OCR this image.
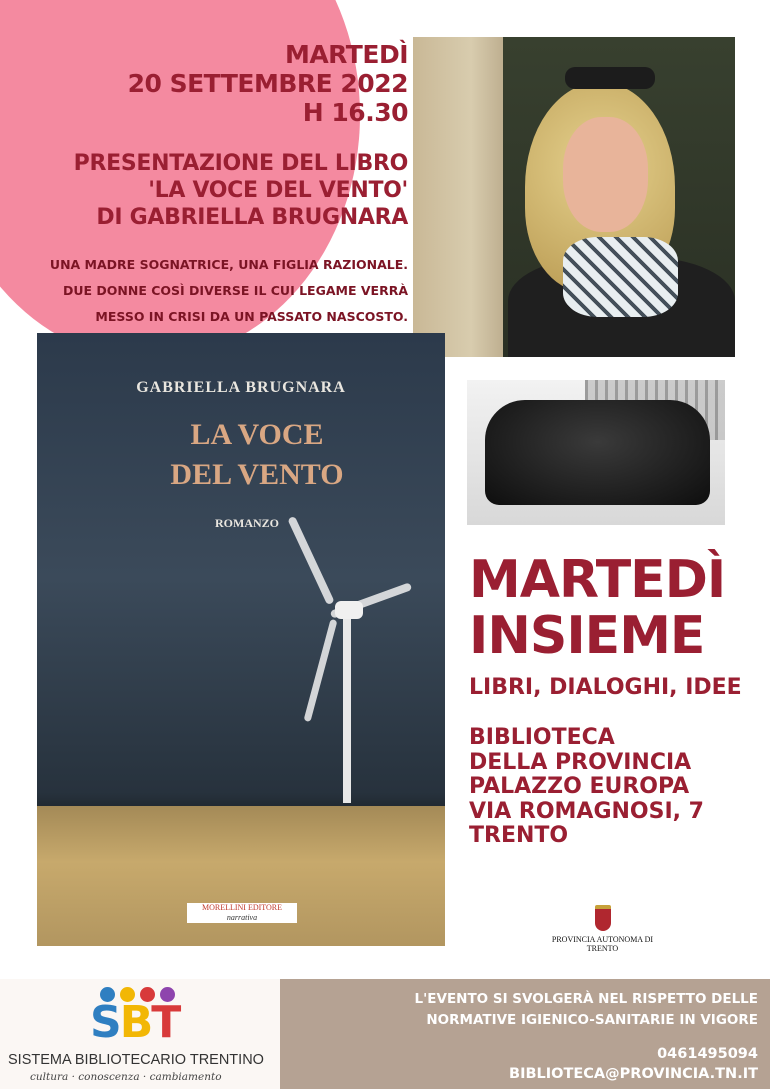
MARTEDÌ
20 SETTEMBRE 2022
H 16.30
PRESENTAZIONE DEL LIBRO
'LA VOCE DEL VENTO'
DI GABRIELLA BRUGNARA
UNA MADRE SOGNATRICE, UNA FIGLIA RAZIONALE.
DUE DONNE COSÌ DIVERSE IL CUI LEGAME VERRÀ
MESSO IN CRISI DA UN PASSATO NASCOSTO.
GABRIELLA BRUGNARA
LA VOCE
DEL VENTO
ROMANZO
MORELLINI EDITORE
narrativa
MARTEDÌ
INSIEME
LIBRI, DIALOGHI, IDEE
BIBLIOTECA
DELLA PROVINCIA
PALAZZO EUROPA
VIA ROMAGNOSI, 7
TRENTO
PROVINCIA AUTONOMA DI TRENTO
SBT
SISTEMA BIBLIOTECARIO TRENTINO
cultura · conoscenza · cambiamento
L'EVENTO SI SVOLGERÀ NEL RISPETTO DELLE
NORMATIVE IGIENICO-SANITARIE IN VIGORE
0461495094
BIBLIOTECA@PROVINCIA.TN.IT
